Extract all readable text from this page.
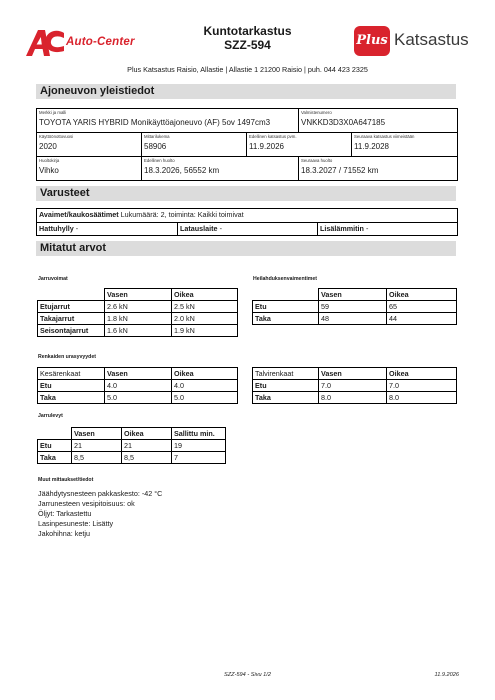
Auto-Center
Kuntotarkastus
SZZ-594	Plus Katsastus
Plus Katsastus Raisio, Allastie | Allastie 1 21200 Raisio | puh. 044 423 2325
Ajoneuvon yleistiedot
Merkki ja malli
TOYOTA YARIS HYBRID Monikäyttöajoneuvo (AF) 5ov 1497cm3
Valmistenumero
VNKKD3D3X0A647185
Käyttöönottovuosi
2020
Mittarilukema
58906
Edellinen katsastus pvm.
11.9.2026
Seuraava katsastus viimeistään
11.9.2028
Huoltokirja
Vihko
Edellinen huolto
18.3.2026, 56552 km
Seuraava huolto
18.3.2027 / 71552 km
Varusteet
Avaimet/kaukosäätimet Lukumäärä: 2, toiminta: Kaikki toimivat
Hattuhylly -	Latauslaite -	Lisälämmitin -
Mitatut arvot
Jarruvoimat
	Vasen	Oikea
Etujarrut	2.6 kN	2.5 kN
Takajarrut	1.8 kN	2.0 kN
Seisontajarrut	1.6 kN	1.9 kN
Heilahduksenvaimentimet
	Vasen	Oikea
Etu	59	65
Taka	48	44
Renkaiden urasyvyydet
Kesärenkaat	Vasen	Oikea
Etu	4.0	4.0
Taka	5.0	5.0
Talvirenkaat	Vasen	Oikea
Etu	7.0	7.0
Taka	8.0	8.0
Jarrulevyt
	Vasen	Oikea	Sallittu min.
Etu	21	21	19
Taka	8,5	8,5	7
Muut mittaukset/tiedot
Jäähdytysnesteen pakkaskesto: -42 °C
Jarrunesteen vesipitoisuus: ok
Öljyt: Tarkastettu
Lasinpesuneste: Lisätty
Jakohihna: ketju
SZZ-594 - Sivu 1/2	11.9.2026
